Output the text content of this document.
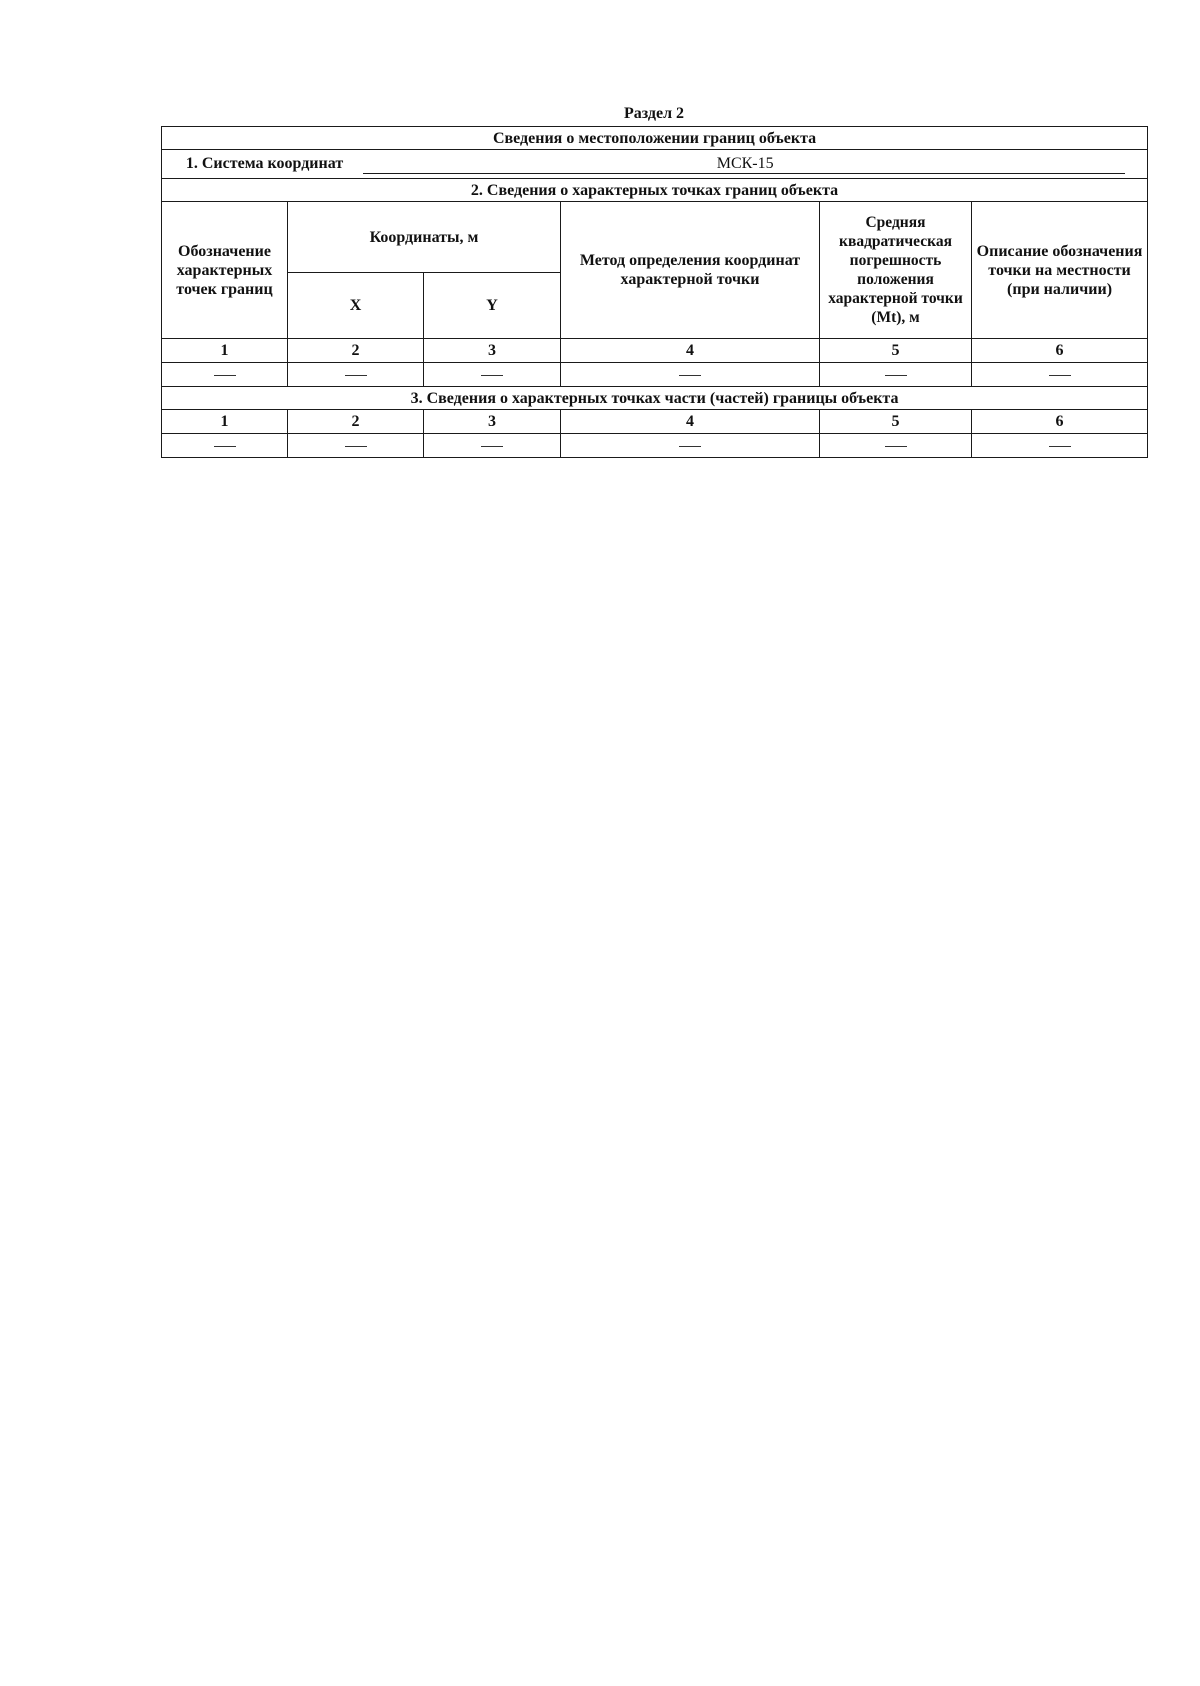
Раздел 2
Сведения о местоположении границ объекта					
1. Система координат МСК-15					
2. Сведения о характерных точках границ объекта					
Обозначение характерных точек границ	Координаты, м		Метод определения координат характерной точки	Средняя квадратическая погрешность положения характерной точки (Mt), м	Описание обозначения точки на местности (при наличии)
	X	Y			
1	2	3	4	5	6

3. Сведения о характерных точках части (частей) границы объекта					
1	2	3	4	5	6
